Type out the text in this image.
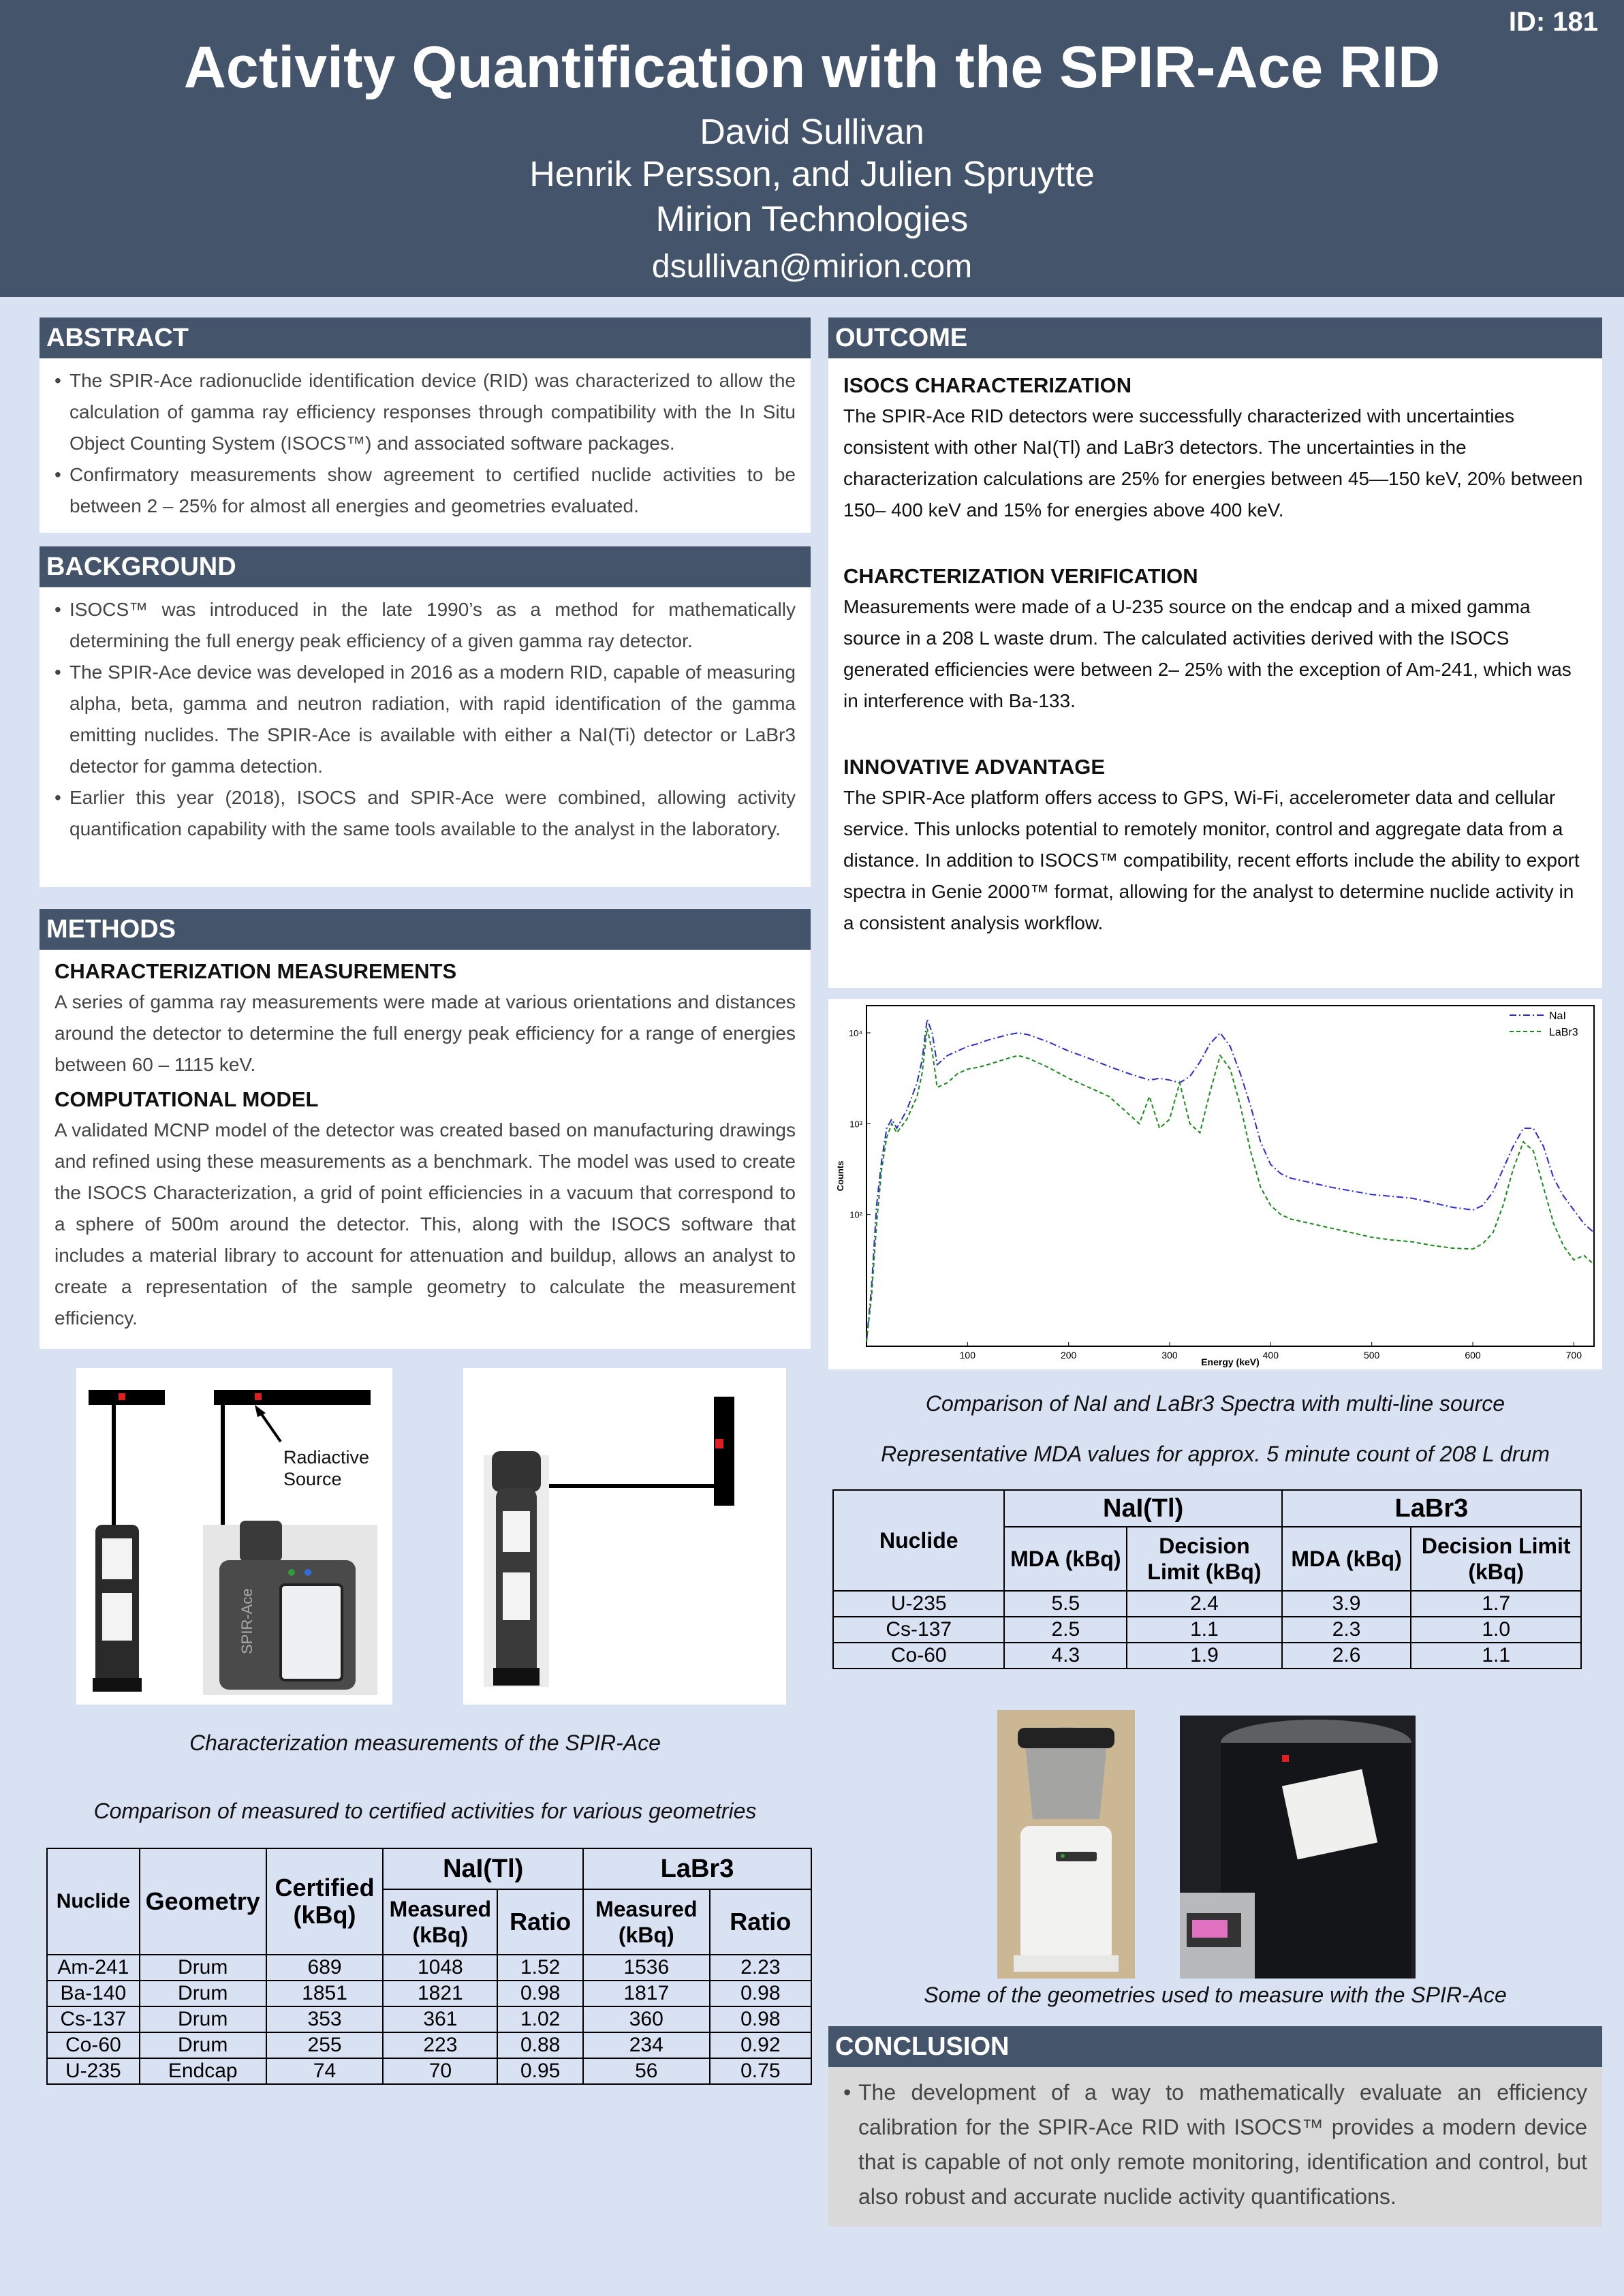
ID: 181
Activity Quantification with the SPIR-Ace RID
David Sullivan
Henrik Persson, and Julien Spruytte
Mirion Technologies
dsullivan@mirion.com
ABSTRACT
• The SPIR-Ace radionuclide identification device (RID) was characterized to allow the calculation of gamma ray efficiency responses through compatibility with the In Situ Object Counting System (ISOCS™) and associated software packages.
• Confirmatory measurements show agreement to certified nuclide activities to be between 2 – 25% for almost all energies and geometries evaluated.
BACKGROUND
• ISOCS™ was introduced in the late 1990’s as a method for mathematically determining the full energy peak efficiency of a given gamma ray detector.
• The SPIR-Ace device was developed in 2016 as a modern RID, capable of measuring alpha, beta, gamma and neutron radiation, with rapid identification of the gamma emitting nuclides. The SPIR-Ace is available with either a NaI(Ti) detector or LaBr3 detector for gamma detection.
• Earlier this year (2018), ISOCS and SPIR-Ace were combined, allowing activity quantification capability with the same tools available to the analyst in the laboratory.
METHODS
CHARACTERIZATION MEASUREMENTS
A series of gamma ray measurements were made at various orientations and distances around the detector to determine the full energy peak efficiency for a range of energies between 60 – 1115 keV.
COMPUTATIONAL MODEL
A validated MCNP model of the detector was created based on manufacturing drawings and refined using these measurements as a benchmark. The model was used to create the ISOCS Characterization, a grid of point efficiencies in a vacuum that correspond to a sphere of 500m around the detector. This, along with the ISOCS software that includes a material library to account for attenuation and buildup, allows an analyst to create a representation of the sample geometry to calculate the measurement efficiency.
Radiactive
Source
SPIR-Ace
Characterization measurements of the SPIR-Ace
Comparison of measured to certified activities for various geometries
Nuclide	Geometry	Certified (kBq)	NaI(Tl)		LaBr3	
			Measured (kBq)	Ratio	Measured (kBq)	Ratio
Am-241	Drum	689	1048	1.52	1536	2.23
Ba-140	Drum	1851	1821	0.98	1817	0.98
Cs-137	Drum	353	361	1.02	360	0.98
Co-60	Drum	255	223	0.88	234	0.92
U-235	Endcap	74	70	0.95	56	0.75
OUTCOME
ISOCS CHARACTERIZATION
The SPIR-Ace RID detectors were successfully characterized with uncertainties consistent with other NaI(Tl) and LaBr3 detectors. The uncertainties in the characterization calculations are 25% for energies between 45—150 keV, 20% between 150– 400 keV and 15% for energies above 400 keV.
CHARCTERIZATION VERIFICATION
Measurements were made of a U-235 source on the endcap and a mixed gamma source in a 208 L waste drum. The calculated activities derived with the ISOCS generated efficiencies were between 2– 25% with the exception of Am-241, which was in interference with Ba-133.
INNOVATIVE ADVANTAGE
The SPIR-Ace platform offers access to GPS, Wi-Fi, accelerometer data and cellular service. This unlocks potential to remotely monitor, control and aggregate data from a distance. In addition to ISOCS™ compatibility, recent efforts include the ability to export spectra in Genie 2000™ format, allowing for the analyst to determine nuclide activity in a consistent analysis workflow.
100	200	300	400	500	600	700
10²
10³
10⁴
NaI
LaBr3
Energy (keV)
Counts
Comparison of NaI and LaBr3 Spectra with multi-line source
Representative MDA values for approx. 5 minute count of 208 L drum
Nuclide	NaI(Tl)		LaBr3	
	MDA (kBq)	Decision Limit (kBq)	MDA (kBq)	Decision Limit (kBq)
U-235	5.5	2.4	3.9	1.7
Cs-137	2.5	1.1	2.3	1.0
Co-60	4.3	1.9	2.6	1.1
Some of the geometries used to measure with the SPIR-Ace
CONCLUSION
• The development of a way to mathematically evaluate an efficiency calibration for the SPIR-Ace RID with ISOCS™ provides a modern device that is capable of not only remote monitoring, identification and control, but also robust and accurate nuclide activity quantifications.
